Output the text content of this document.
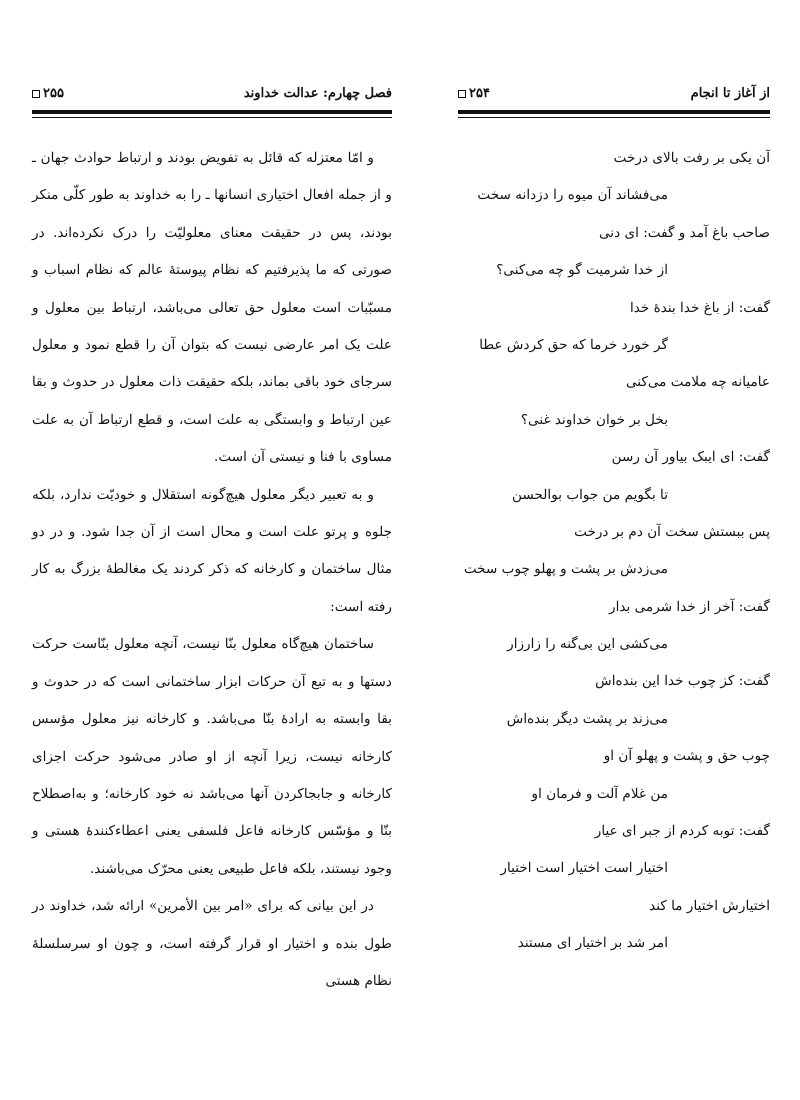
فصل چهارم: عدالت خداوند
۲۵۵

و امّا معتزله که قائل به تفویض بودند و ارتباط حوادث جهان ـ و از جمله افعال اختیاری انسانها ـ را به خداوند به طور کلّی منکر بودند، پس در حقیقت معنای معلولیّت را درک نکرده‌اند. در صورتی که ما پذیرفتیم که نظام پیوستهٔ عالم که نظام اسباب و مسبّبات است معلول حق تعالی می‌باشد، ارتباط بین معلول و علت یک امر عارضی نیست که بتوان آن را قطع نمود و معلول سرجای خود باقی بماند، بلکه حقیقت ذات معلول در حدوث و بقا عین ارتباط و وابستگی به علت است، و قطع ارتباط آن به علت مساوی با فنا و نیستی آن است.

و به تعبیر دیگر معلول هیچ‌گونه استقلال و خودیّت ندارد، بلکه جلوه و پرتو علت است و محال است از آن جدا شود. و در دو مثال ساختمان و کارخانه که ذکر کردند یک مغالطهٔ بزرگ به کار رفته است:

ساختمان هیچ‌گاه معلول بنّا نیست، آنچه معلول بنّاست حرکت دستها و به تبع آن حرکات ابزار ساختمانی است که در حدوث و بقا وابسته به ارادهٔ بنّا می‌باشد. و کارخانه نیز معلول مؤسس کارخانه نیست، زیرا آنچه از او صادر می‌شود حرکت اجزای کارخانه و جابجاکردن آنها می‌باشد نه خود کارخانه؛ و به‌اصطلاح بنّا و مؤسّس کارخانه فاعل فلسفی یعنی اعطاءکنندهٔ هستی و وجود نیستند، بلکه فاعل طبیعی یعنی محرّک می‌باشند.

در این بیانی که برای «امر بین الأمرین» ارائه شد، خداوند در طول بنده و اختیار او قرار گرفته است، و چون او سرسلسلهٔ نظام هستی

از آغاز تا انجام
۲۵۴
آن یکی بر رفت بالای درخت
می‌فشاند آن میوه را دزدانه سخت
صاحب باغ آمد و گفت: ای دنی
از خدا شرمیت گو چه می‌کنی؟
گفت: از باغ خدا بندهٔ خدا
گر خورد خرما که حق کردش عطا
عامیانه چه ملامت می‌کنی
بخل بر خوان خداوند غنی؟
گفت: ای ایبک بیاور آن رسن
تا بگویم من جواب بوالحسن
پس ببستش سخت آن دم بر درخت
می‌زدش بر پشت و پهلو چوب سخت
گفت: آخر از خدا شرمی بدار
می‌کشی این بی‌گنه را زارزار
گفت: کز چوب خدا این بنده‌اش
می‌زند بر پشت دیگر بنده‌اش
چوب حق و پشت و پهلو آن او
من غلام آلت و فرمان او
گفت: توبه کردم از جبر ای عیار
اختیار است اختیار است اختیار
اختیارش اختیار ما کند
امر شد بر اختیار ای مستند
